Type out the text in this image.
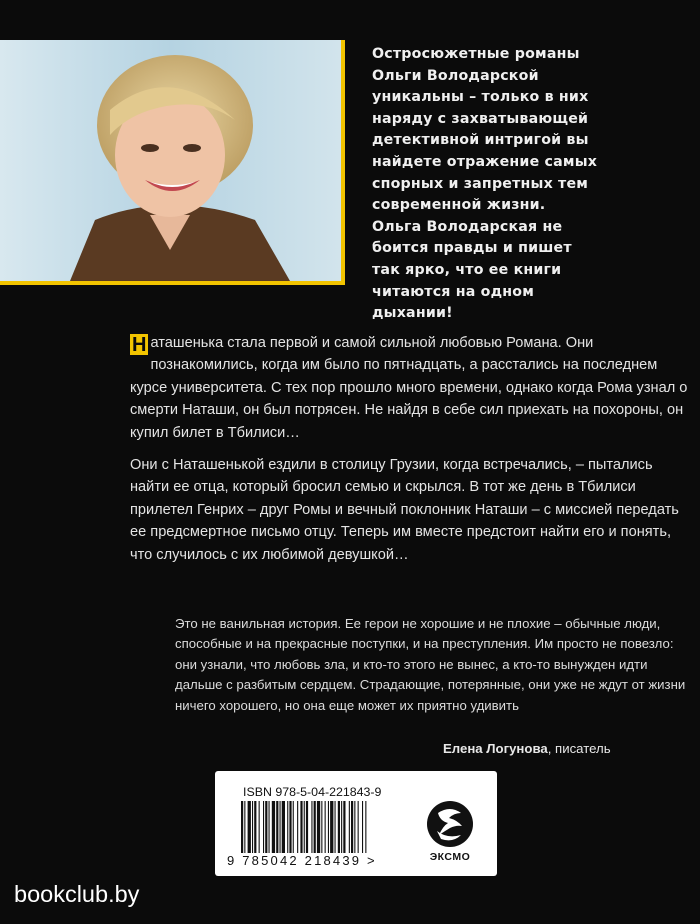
Остросюжетные романы
Ольги Володарской
уникальны – только в них
наряду с захватывающей
детективной интригой вы
найдете отражение самых
спорных и запретных тем
современной жизни.
Ольга Володарская не
боится правды и пишет
так ярко, что ее книги
читаются на одном
дыхании!

Н аташенька стала первой и самой сильной любовью Романа. Они познакомились, когда им было по пятнадцать, а расстались на последнем курсе университета. С тех пор прошло много времени, однако когда Рома узнал о смерти Наташи, он был потрясен. Не найдя в себе сил приехать на похороны, он купил билет в Тбилиси…

Они с Наташенькой ездили в столицу Грузии, когда встречались, – пытались найти ее отца, который бросил семью и скрылся. В тот же день в Тбилиси прилетел Генрих – друг Ромы и вечный поклонник Наташи – с миссией передать ее предсмертное письмо отцу. Теперь им вместе предстоит найти его и понять, что случилось с их любимой девушкой…

Это не ванильная история. Ее герои не хорошие и не плохие – обычные люди, способные и на прекрасные поступки, и на преступления. Им просто не повезло: они узнали, что любовь зла, и кто-то этого не вынес, а кто-то вынужден идти дальше с разбитым сердцем. Страдающие, потерянные, они уже не ждут от жизни ничего хорошего, но она еще может их приятно удивить
Елена Логунова, писатель
ISBN 978-5-04-221843-9
9 785042 218439 >	ЭКСМО
bookclub.by
